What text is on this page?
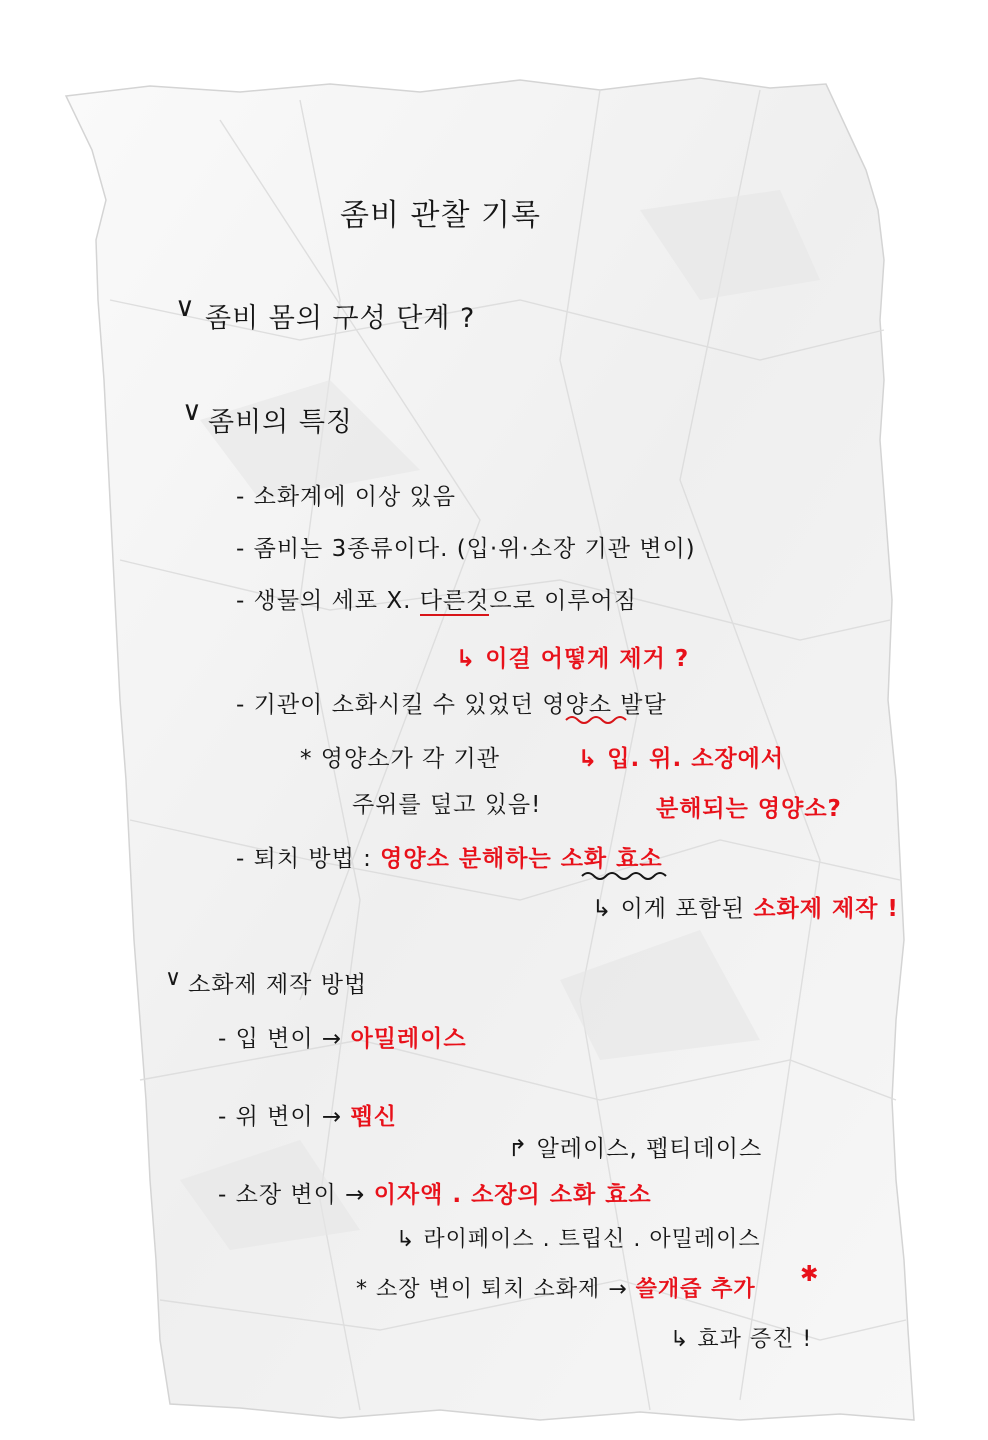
좀비 관찰 기록
∨ 좀비 몸의 구성 단계 ?
∨ 좀비의 특징
- 소화계에 이상 있음
- 좀비는 3종류이다. (입·위·소장 기관 변이)
- 생물의 세포 X. 다른것으로 이루어짐
↳ 이걸 어떻게 제거 ?
- 기관이 소화시킬 수 있었던 영양소 발달
* 영양소가 각 기관
주위를 덮고 있음!
↳ 입. 위. 소장에서
분해되는 영양소?
- 퇴치 방법 : 영양소 분해하는 소화 효소
↳ 이게 포함된 소화제 제작 !
∨ 소화제 제작 방법
- 입 변이 → 아밀레이스
- 위 변이 → 펩신
↱ 알레이스, 펩티데이스
- 소장 변이 → 이자액 . 소장의 소화 효소
↳ 라이페이스 . 트립신 . 아밀레이스
* 소장 변이 퇴치 소화제 → 쓸개즙 추가
✱
↳ 효과 증진 !
